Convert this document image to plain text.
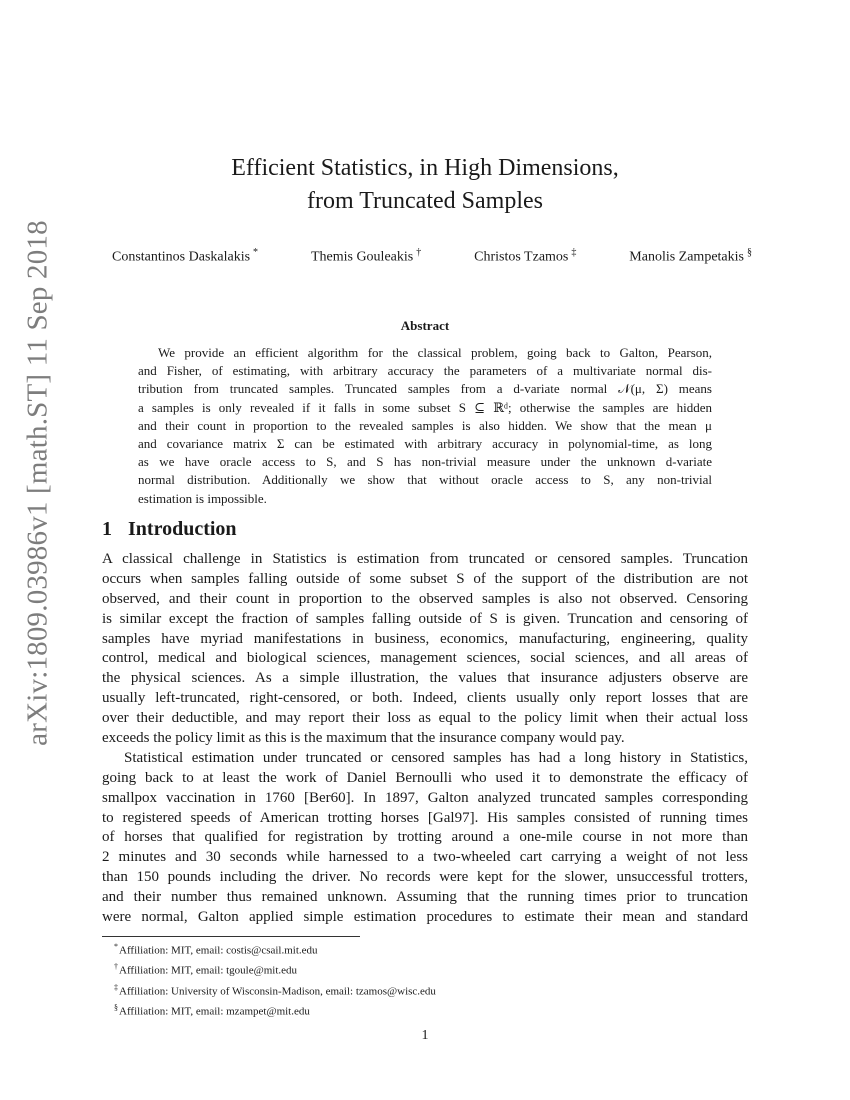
arXiv:1809.03986v1 [math.ST] 11 Sep 2018
Efficient Statistics, in High Dimensions,
from Truncated Samples
Constantinos Daskalakis *	Themis Gouleakis †	Christos Tzamos ‡	Manolis Zampetakis §
Abstract
We provide an efficient algorithm for the classical problem, going back to Galton, Pearson,
and Fisher, of estimating, with arbitrary accuracy the parameters of a multivariate normal dis-
tribution from truncated samples. Truncated samples from a d-variate normal 𝒩(μ, Σ) means
a samples is only revealed if it falls in some subset S ⊆ ℝᵈ; otherwise the samples are hidden
and their count in proportion to the revealed samples is also hidden. We show that the mean μ
and covariance matrix Σ can be estimated with arbitrary accuracy in polynomial-time, as long
as we have oracle access to S, and S has non-trivial measure under the unknown d-variate
normal distribution. Additionally we show that without oracle access to S, any non-trivial
estimation is impossible.
1 Introduction
A classical challenge in Statistics is estimation from truncated or censored samples. Truncation
occurs when samples falling outside of some subset S of the support of the distribution are not
observed, and their count in proportion to the observed samples is also not observed. Censoring
is similar except the fraction of samples falling outside of S is given. Truncation and censoring of
samples have myriad manifestations in business, economics, manufacturing, engineering, quality
control, medical and biological sciences, management sciences, social sciences, and all areas of
the physical sciences. As a simple illustration, the values that insurance adjusters observe are
usually left-truncated, right-censored, or both. Indeed, clients usually only report losses that are
over their deductible, and may report their loss as equal to the policy limit when their actual loss
exceeds the policy limit as this is the maximum that the insurance company would pay.
Statistical estimation under truncated or censored samples has had a long history in Statistics,
going back to at least the work of Daniel Bernoulli who used it to demonstrate the efficacy of
smallpox vaccination in 1760 [Ber60]. In 1897, Galton analyzed truncated samples corresponding
to registered speeds of American trotting horses [Gal97]. His samples consisted of running times
of horses that qualified for registration by trotting around a one-mile course in not more than
2 minutes and 30 seconds while harnessed to a two-wheeled cart carrying a weight of not less
than 150 pounds including the driver. No records were kept for the slower, unsuccessful trotters,
and their number thus remained unknown. Assuming that the running times prior to truncation
were normal, Galton applied simple estimation procedures to estimate their mean and standard
*Affiliation: MIT, email: costis@csail.mit.edu
†Affiliation: MIT, email: tgoule@mit.edu
‡Affiliation: University of Wisconsin-Madison, email: tzamos@wisc.edu
§Affiliation: MIT, email: mzampet@mit.edu
1
